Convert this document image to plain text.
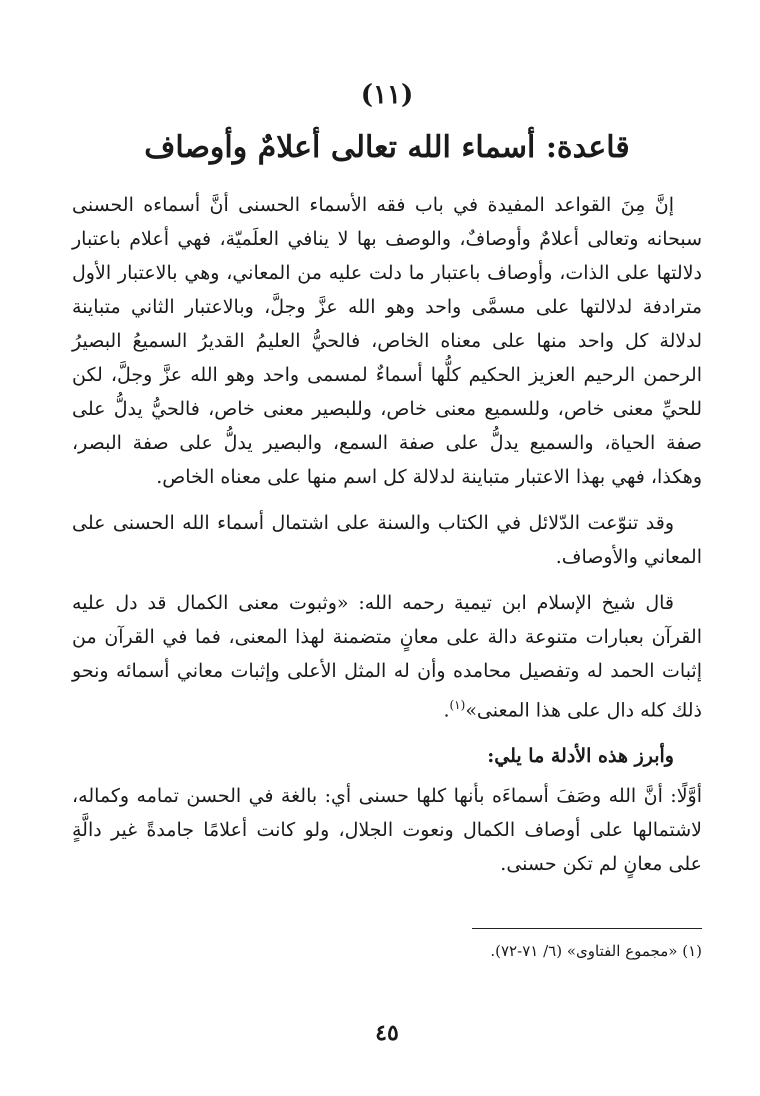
(١١)
قاعدة: أسماء الله تعالى أعلامٌ وأوصاف

إنَّ مِنَ القواعد المفيدة في باب فقه الأسماء الحسنى أنَّ أسماءه الحسنى سبحانه وتعالى أعلامٌ وأوصافٌ، والوصف بها لا ينافي العلَميّة، فهي أعلام باعتبار دلالتها على الذات، وأوصاف باعتبار ما دلت عليه من المعاني، وهي بالاعتبار الأول مترادفة لدلالتها على مسمَّى واحد وهو الله عزَّ وجلَّ، وبالاعتبار الثاني متباينة لدلالة كل واحد منها على معناه الخاص، فالحيُّ العليمُ القديرُ السميعُ البصيرُ الرحمن الرحيم العزيز الحكيم كلُّها أسماءٌ لمسمى واحد وهو الله عزَّ وجلَّ، لكن للحيِّ معنى خاص، وللسميع معنى خاص، وللبصير معنى خاص، فالحيُّ يدلُّ على صفة الحياة، والسميع يدلُّ على صفة السمع، والبصير يدلُّ على صفة البصر، وهكذا، فهي بهذا الاعتبار متباينة لدلالة كل اسم منها على معناه الخاص.

وقد تنوّعت الدّلائل في الكتاب والسنة على اشتمال أسماء الله الحسنى على المعاني والأوصاف.

قال شيخ الإسلام ابن تيمية رحمه الله: «وثبوت معنى الكمال قد دل عليه القرآن بعبارات متنوعة دالة على معانٍ متضمنة لهذا المعنى، فما في القرآن من إثبات الحمد له وتفصيل محامده وأن له المثل الأعلى وإثبات معاني أسمائه ونحو ذلك كله دال على هذا المعنى»$^{(١)}$.

وأبرز هذه الأدلة ما يلي:

أوَّلًا: أنَّ الله وصَفَ أسماءَه بأنها كلها حسنى أي: بالغة في الحسن تمامه وكماله، لاشتمالها على أوصاف الكمال ونعوت الجلال، ولو كانت أعلامًا جامدةً غير دالَّةٍ على معانٍ لم تكن حسنى.

(١) «مجموع الفتاوى» (٦/ ٧١-٧٢).
٤٥
